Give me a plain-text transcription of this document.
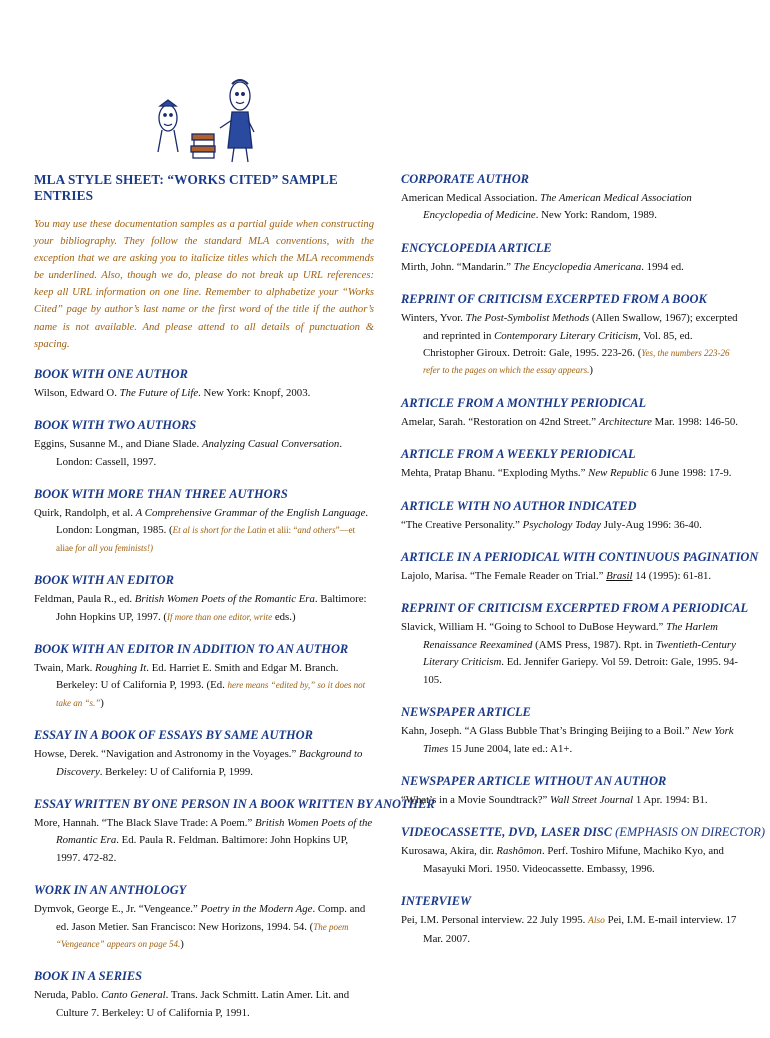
MLA STYLE SHEET: “WORKS CITED” SAMPLE ENTRIES
You may use these documentation samples as a partial guide when constructing your bibliography. They follow the standard MLA conventions, with the exception that we are asking you to italicize titles which the MLA recommends be underlined. Also, though we do, please do not break up URL references: keep all URL information on one line. Remember to alphabetize your “Works Cited” page by author’s last name or the first word of the title if the author’s name is not available. And please attend to all details of punctuation & spacing.
BOOK WITH ONE AUTHOR

Wilson, Edward O. The Future of Life. New York: Knopf, 2003.

BOOK WITH TWO AUTHORS

Eggins, Susanne M., and Diane Slade. Analyzing Casual Conversation. London: Cassell, 1997.

BOOK WITH MORE THAN THREE AUTHORS

Quirk, Randolph, et al. A Comprehensive Grammar of the English Language. London: Longman, 1985. (Et al is short for the Latin et alii: “and others”—et aliae for all you feminists!)

BOOK WITH AN EDITOR

Feldman, Paula R., ed. British Women Poets of the Romantic Era. Baltimore: John Hopkins UP, 1997. (If more than one editor, write eds.)

BOOK WITH AN EDITOR IN ADDITION TO AN AUTHOR

Twain, Mark. Roughing It. Ed. Harriet E. Smith and Edgar M. Branch. Berkeley: U of California P, 1993. (Ed. here means “edited by,” so it does not take an “s.”)

ESSAY IN A BOOK OF ESSAYS BY SAME AUTHOR

Howse, Derek. “Navigation and Astronomy in the Voyages.” Background to Discovery. Berkeley: U of California P, 1999.

ESSAY WRITTEN BY ONE PERSON IN A BOOK WRITTEN BY ANOTHER

More, Hannah. “The Black Slave Trade: A Poem.” British Women Poets of the Romantic Era. Ed. Paula R. Feldman. Baltimore: John Hopkins UP, 1997. 472-82.

WORK IN AN ANTHOLOGY

Dymvok, George E., Jr. “Vengeance.” Poetry in the Modern Age. Comp. and ed. Jason Metier. San Francisco: New Horizons, 1994. 54. (The poem “Vengeance” appears on page 54.)

BOOK IN A SERIES

Neruda, Pablo. Canto General. Trans. Jack Schmitt. Latin Amer. Lit. and Culture 7. Berkeley: U of California P, 1991.

CORPORATE AUTHOR

American Medical Association. The American Medical Association Encyclopedia of Medicine. New York: Random, 1989.

ENCYCLOPEDIA ARTICLE

Mirth, John. “Mandarin.” The Encyclopedia Americana. 1994 ed.

REPRINT OF CRITICISM EXCERPTED FROM A BOOK

Winters, Yvor. The Post-Symbolist Methods (Allen Swallow, 1967); excerpted and reprinted in Contemporary Literary Criticism, Vol. 85, ed. Christopher Giroux. Detroit: Gale, 1995. 223-26. (Yes, the numbers 223-26 refer to the pages on which the essay appears.)

ARTICLE FROM A MONTHLY PERIODICAL

Amelar, Sarah. “Restoration on 42nd Street.” Architecture Mar. 1998: 146-50.

ARTICLE FROM A WEEKLY PERIODICAL

Mehta, Pratap Bhanu. “Exploding Myths.” New Republic 6 June 1998: 17-9.

ARTICLE WITH NO AUTHOR INDICATED

“The Creative Personality.” Psychology Today July-Aug 1996: 36-40.

ARTICLE IN A PERIODICAL WITH CONTINUOUS PAGINATION

Lajolo, Marisa. “The Female Reader on Trial.” Brasil 14 (1995): 61-81.

REPRINT OF CRITICISM EXCERPTED FROM A PERIODICAL

Slavick, William H. “Going to School to DuBose Heyward.” The Harlem Renaissance Reexamined (AMS Press, 1987). Rpt. in Twentieth-Century Literary Criticism. Ed. Jennifer Gariepy. Vol 59. Detroit: Gale, 1995. 94-105.

NEWSPAPER ARTICLE

Kahn, Joseph. “A Glass Bubble That’s Bringing Beijing to a Boil.” New York Times 15 June 2004, late ed.: A1+.

NEWSPAPER ARTICLE WITHOUT AN AUTHOR

“What’s in a Movie Soundtrack?” Wall Street Journal 1 Apr. 1994: B1.

VIDEOCASSETTE, DVD, LASER DISC (EMPHASIS ON DIRECTOR)

Kurosawa, Akira, dir. Rashômon. Perf. Toshiro Mifune, Machiko Kyo, and Masayuki Mori. 1950. Videocassette. Embassy, 1996.

INTERVIEW

Pei, I.M. Personal interview. 22 July 1995. Also Pei, I.M. E-mail interview. 17 Mar. 2007.
